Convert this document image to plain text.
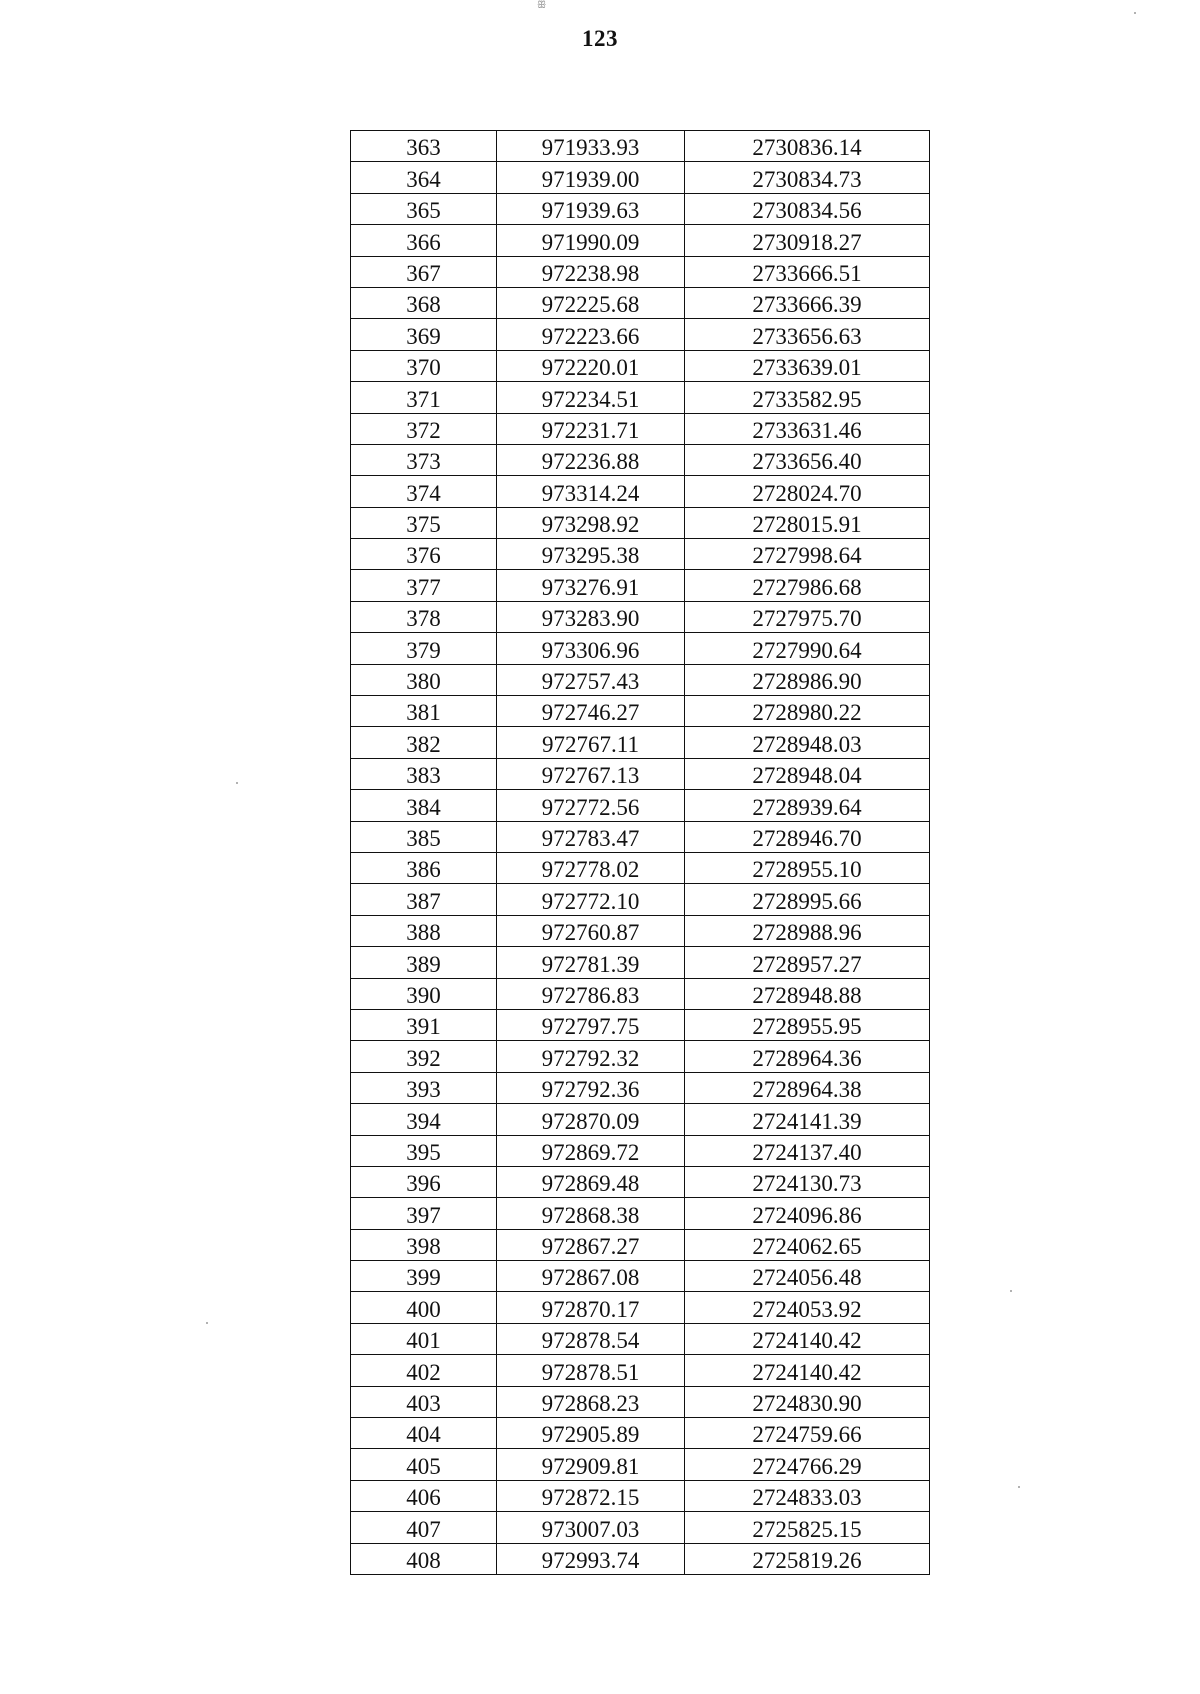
ꕥ
123
363	971933.93	2730836.14
364	971939.00	2730834.73
365	971939.63	2730834.56
366	971990.09	2730918.27
367	972238.98	2733666.51
368	972225.68	2733666.39
369	972223.66	2733656.63
370	972220.01	2733639.01
371	972234.51	2733582.95
372	972231.71	2733631.46
373	972236.88	2733656.40
374	973314.24	2728024.70
375	973298.92	2728015.91
376	973295.38	2727998.64
377	973276.91	2727986.68
378	973283.90	2727975.70
379	973306.96	2727990.64
380	972757.43	2728986.90
381	972746.27	2728980.22
382	972767.11	2728948.03
383	972767.13	2728948.04
384	972772.56	2728939.64
385	972783.47	2728946.70
386	972778.02	2728955.10
387	972772.10	2728995.66
388	972760.87	2728988.96
389	972781.39	2728957.27
390	972786.83	2728948.88
391	972797.75	2728955.95
392	972792.32	2728964.36
393	972792.36	2728964.38
394	972870.09	2724141.39
395	972869.72	2724137.40
396	972869.48	2724130.73
397	972868.38	2724096.86
398	972867.27	2724062.65
399	972867.08	2724056.48
400	972870.17	2724053.92
401	972878.54	2724140.42
402	972878.51	2724140.42
403	972868.23	2724830.90
404	972905.89	2724759.66
405	972909.81	2724766.29
406	972872.15	2724833.03
407	973007.03	2725825.15
408	972993.74	2725819.26
